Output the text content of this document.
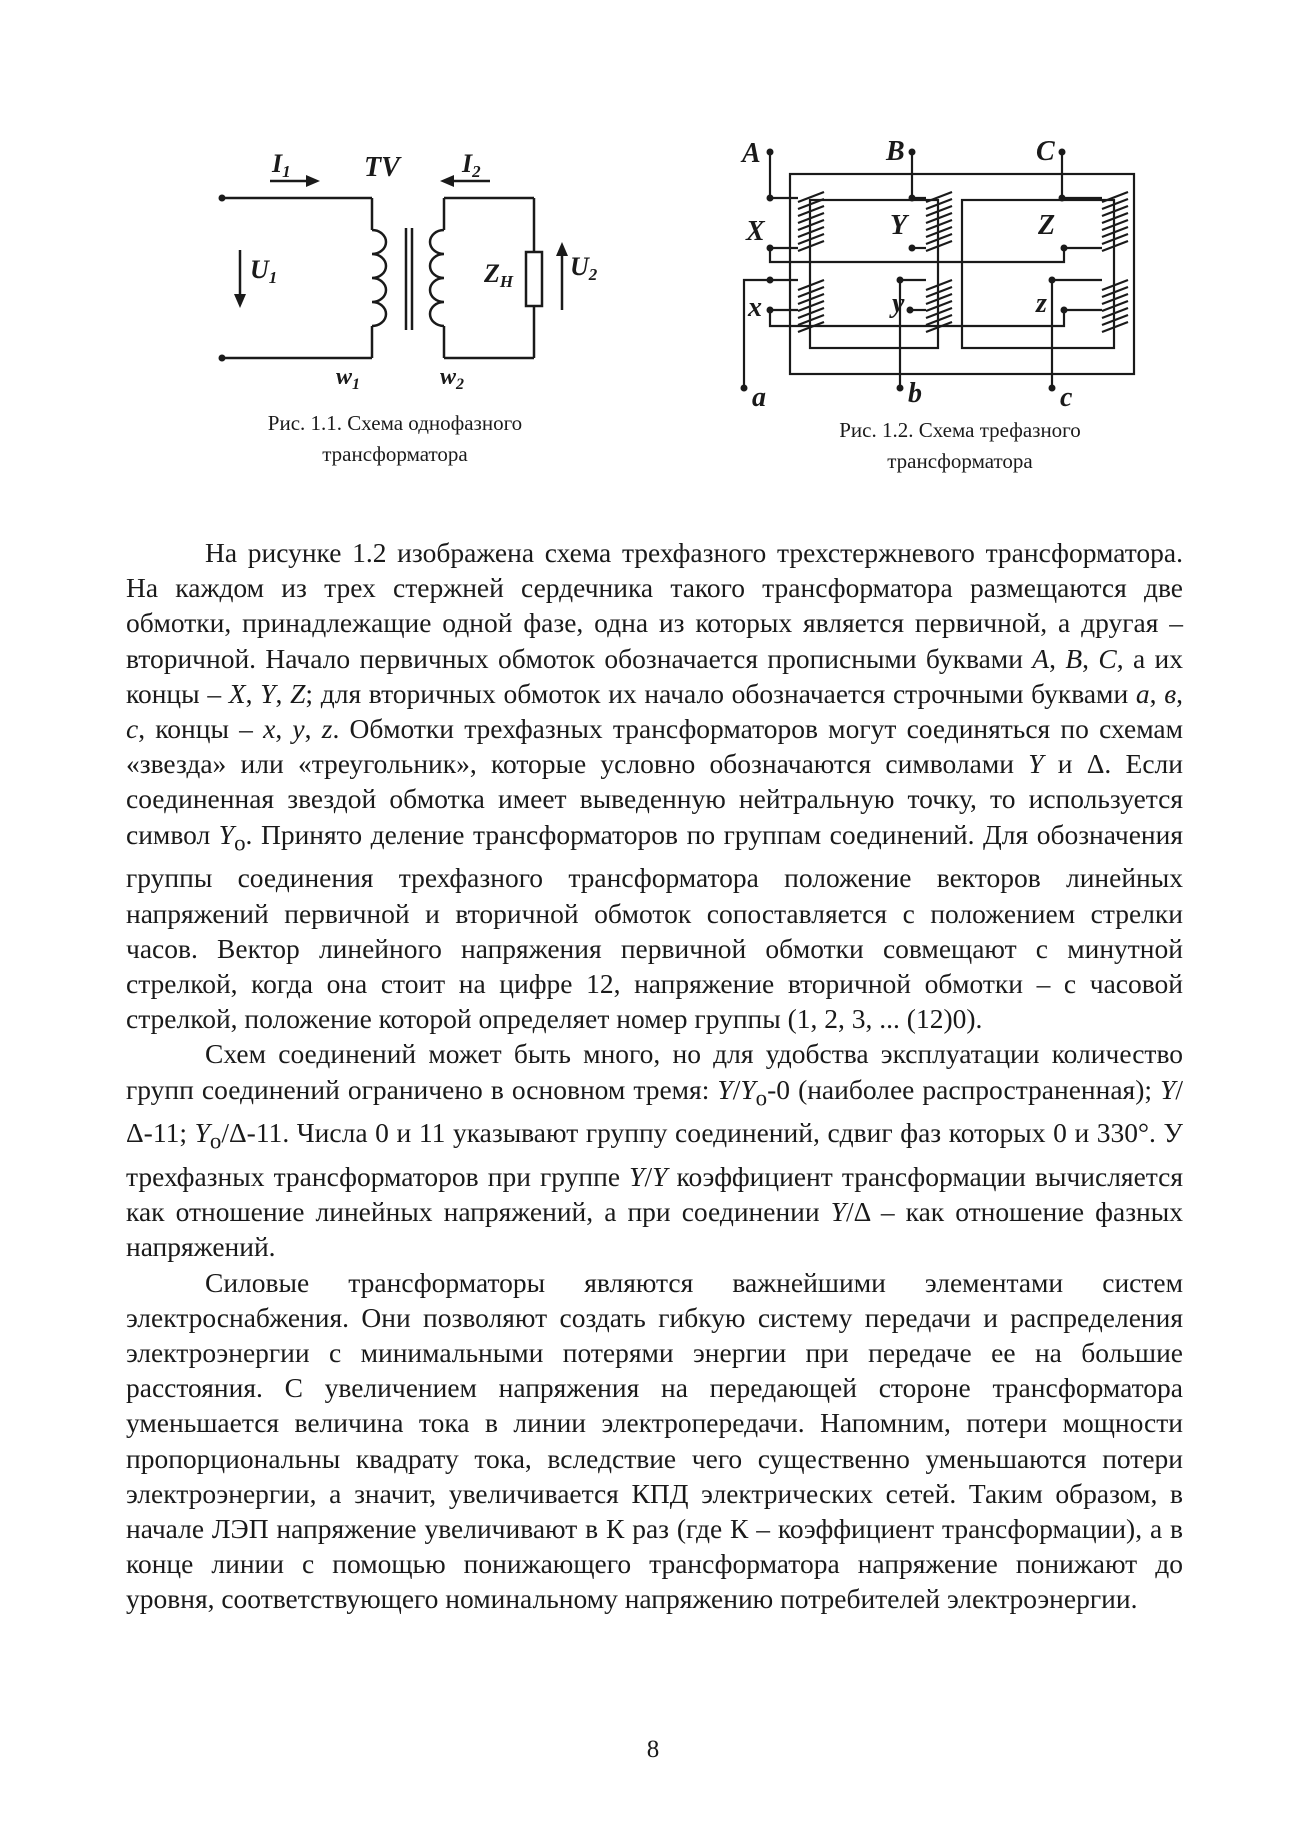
I1	TV I2
U1	U2
ZH
$w_1$	$w_2$
Рис. 1.1. Схема однофазного
трансформатора
A	B	C
X	Y	Z
x	y	z
a	b	c
Рис. 1.2. Схема трефазного
трансформатора

На рисунке 1.2 изображена схема трехфазного трехстержневого трансформатора. На каждом из трех стержней сердечника такого трансформатора размещаются две обмотки, принадлежащие одной фазе, одна из которых является первичной, а другая – вторичной. Начало первичных обмоток обозначается прописными буквами A, B, C, а их концы – X, Y, Z; для вторичных обмоток их начало обозначается строчными буквами а, в, с, концы – x, y, z. Обмотки трехфазных трансформаторов могут соединяться по схемам «звезда» или «треугольник», которые условно обозначаются символами Y и Δ. Если соединенная звездой обмотка имеет выведенную нейтральную точку, то используется символ $Y_o$. Принято деление трансформаторов по группам соединений. Для обозначения группы соединения трехфазного трансформатора положение векторов линейных напряжений первичной и вторичной обмоток сопоставляется с положением стрелки часов. Вектор линейного напряжения первичной обмотки совмещают с минутной стрелкой, когда она стоит на цифре 12, напряжение вторичной обмотки – с часовой стрелкой, положение которой определяет номер группы (1, 2, 3, ... (12)0).

Схем соединений может быть много, но для удобства эксплуатации количество групп соединений ограничено в основном тремя: $Y/Y_o-0$ (наиболее распространенная); Y/Δ-11; $Y_o/\Delta-11$. Числа 0 и 11 указывают группу соединений, сдвиг фаз которых 0 и 330°. У трехфазных трансформаторов при группе Y/Y коэффициент трансформации вычисляется как отношение линейных напряжений, а при соединении Y/Δ – как отношение фазных напряжений.

Силовые трансформаторы являются важнейшими элементами систем электроснабжения. Они позволяют создать гибкую систему передачи и распределения электроэнергии с минимальными потерями энергии при передаче ее на большие расстояния. С увеличением напряжения на передающей стороне трансформатора уменьшается величина тока в линии электропередачи. Напомним, потери мощности пропорциональны квадрату тока, вследствие чего существенно уменьшаются потери электроэнергии, а значит, увеличивается КПД электрических сетей. Таким образом, в начале ЛЭП напряжение увеличивают в К раз (где К – коэффициент трансформации), а в конце линии с помощью понижающего трансформатора напряжение понижают до уровня, соответствующего номинальному напряжению потребителей электроэнергии.

8
